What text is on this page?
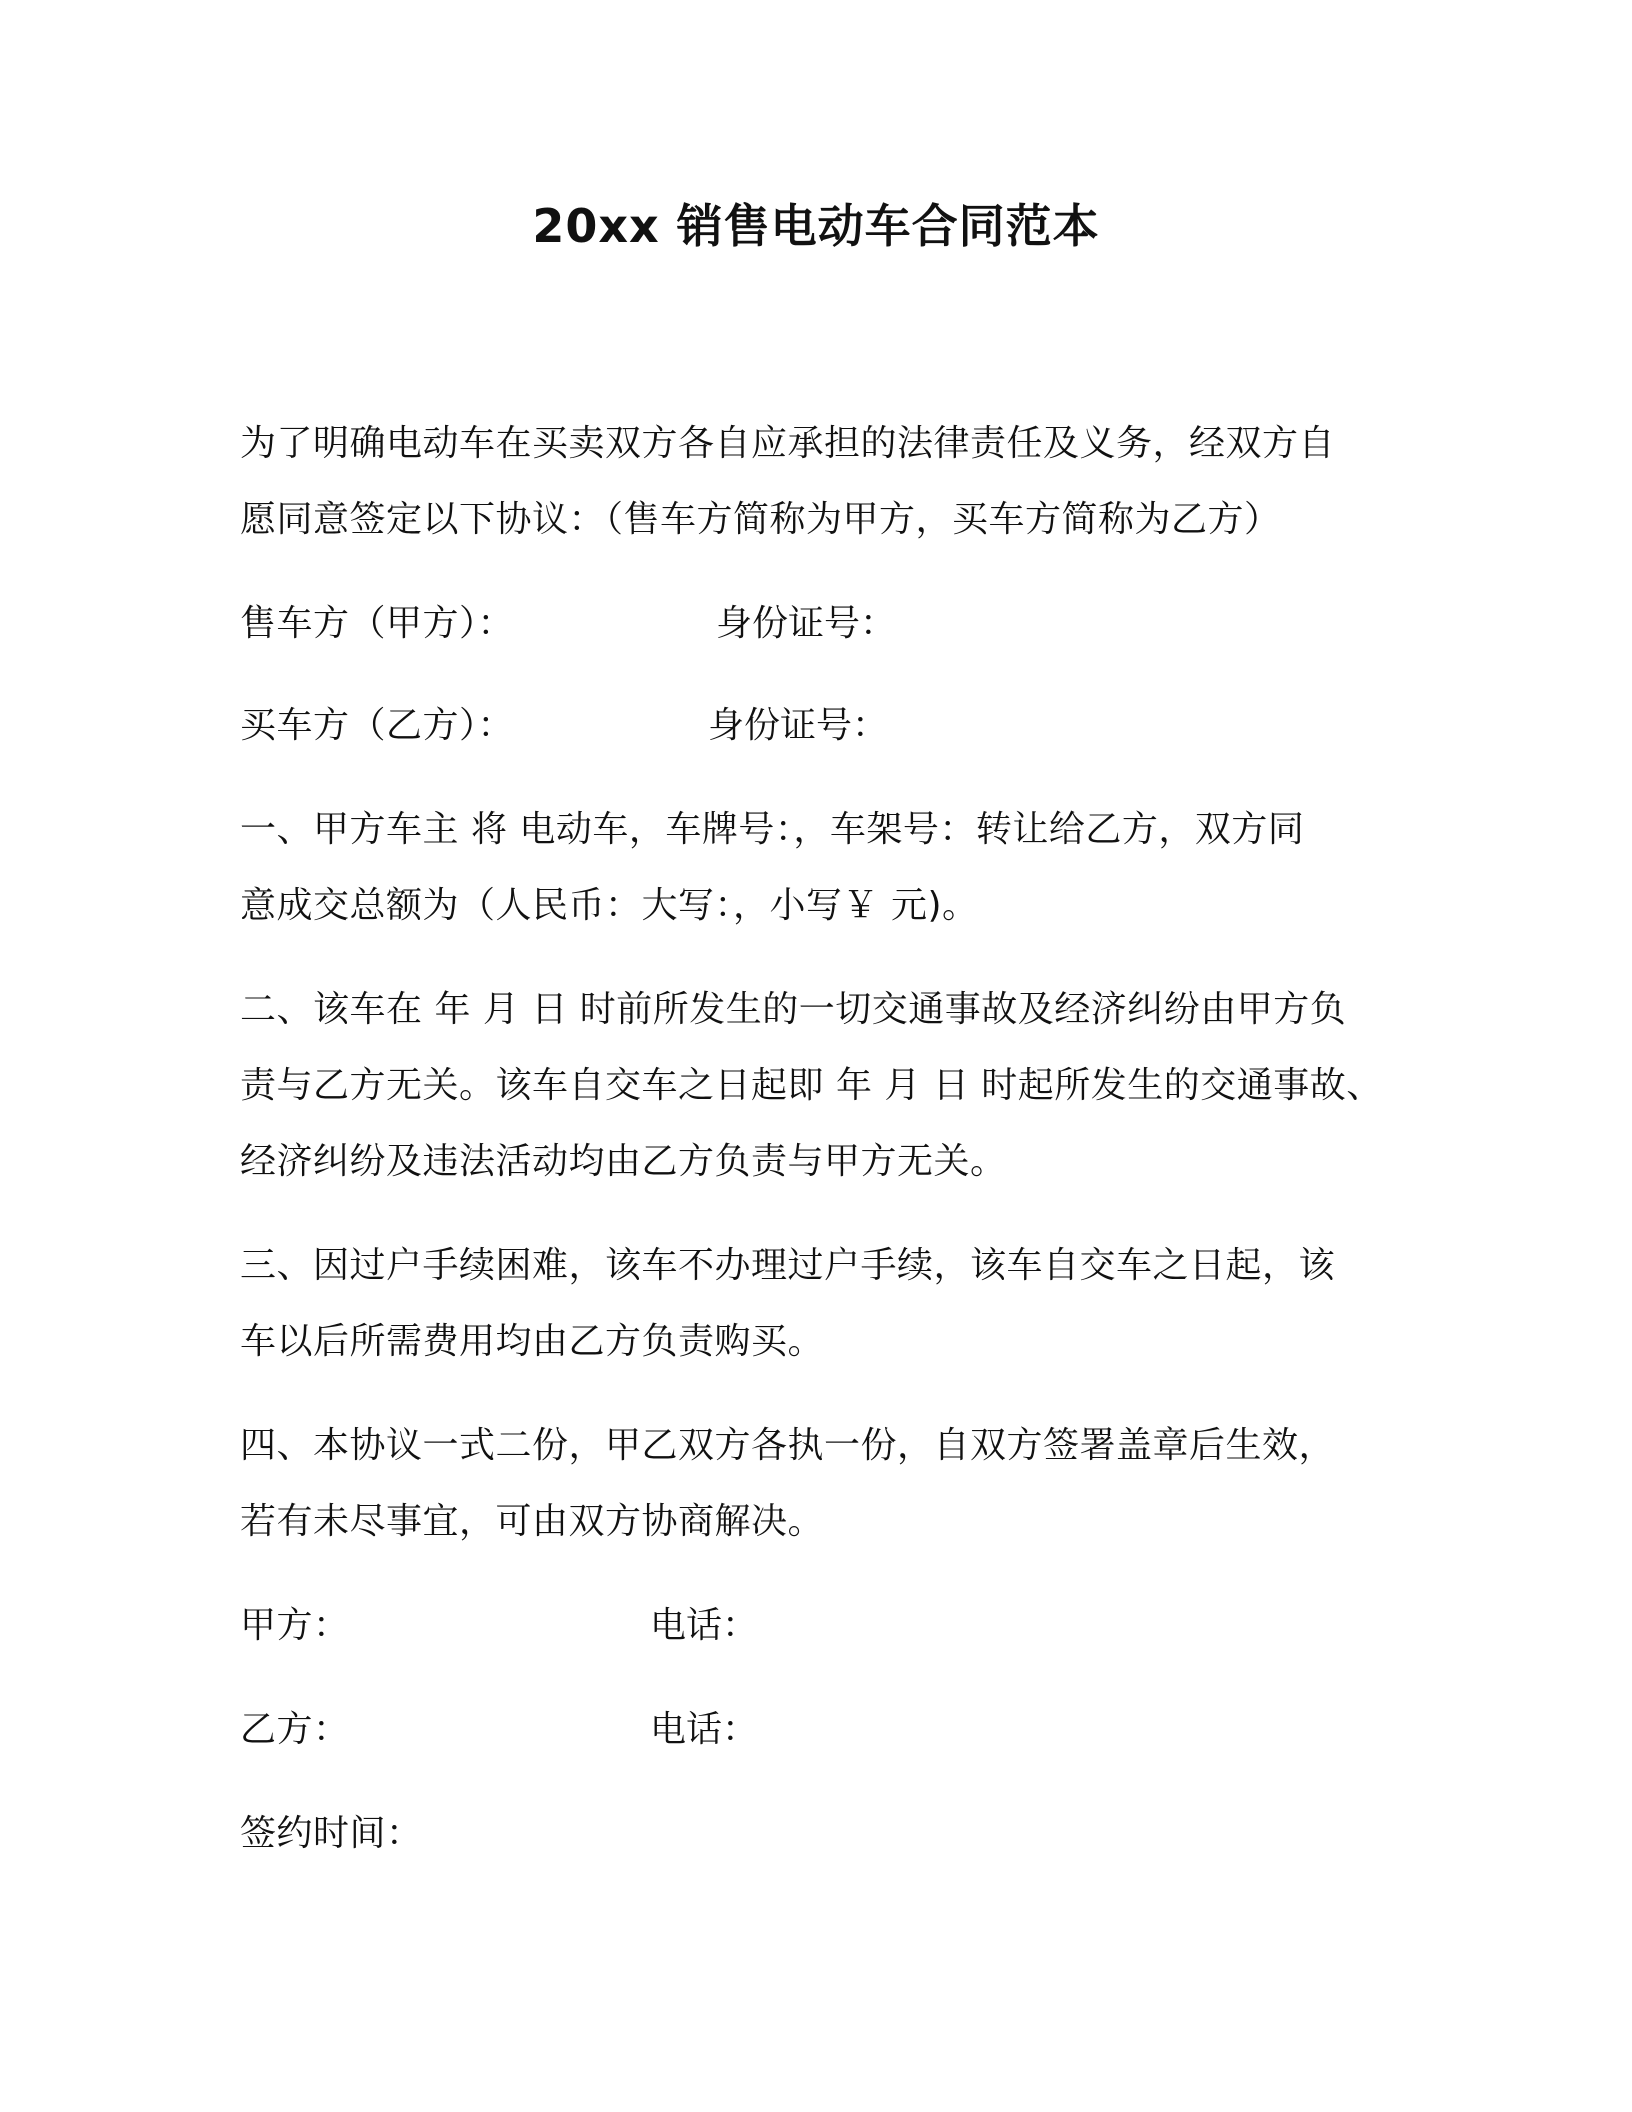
20xx 销售电动车合同范本
为了明确电动车在买卖双方各自应承担的法律责任及义务，经双方自
愿同意签定以下协议：（售车方简称为甲方，买车方简称为乙方）
售车方（甲方）：	身份证号：
买车方（乙方）：	身份证号：
一、甲方车主 将 电动车，车牌号：，车架号：转让给乙方，双方同
意成交总额为（人民币：大写：，小写￥ 元)。
二、该车在 年 月 日 时前所发生的一切交通事故及经济纠纷由甲方负
责与乙方无关。该车自交车之日起即 年 月 日 时起所发生的交通事故、
经济纠纷及违法活动均由乙方负责与甲方无关。
三、因过户手续困难，该车不办理过户手续，该车自交车之日起，该
车以后所需费用均由乙方负责购买。
四、本协议一式二份，甲乙双方各执一份，自双方签署盖章后生效，
若有未尽事宜，可由双方协商解决。
甲方：	电话：
乙方：	电话：
签约时间：
